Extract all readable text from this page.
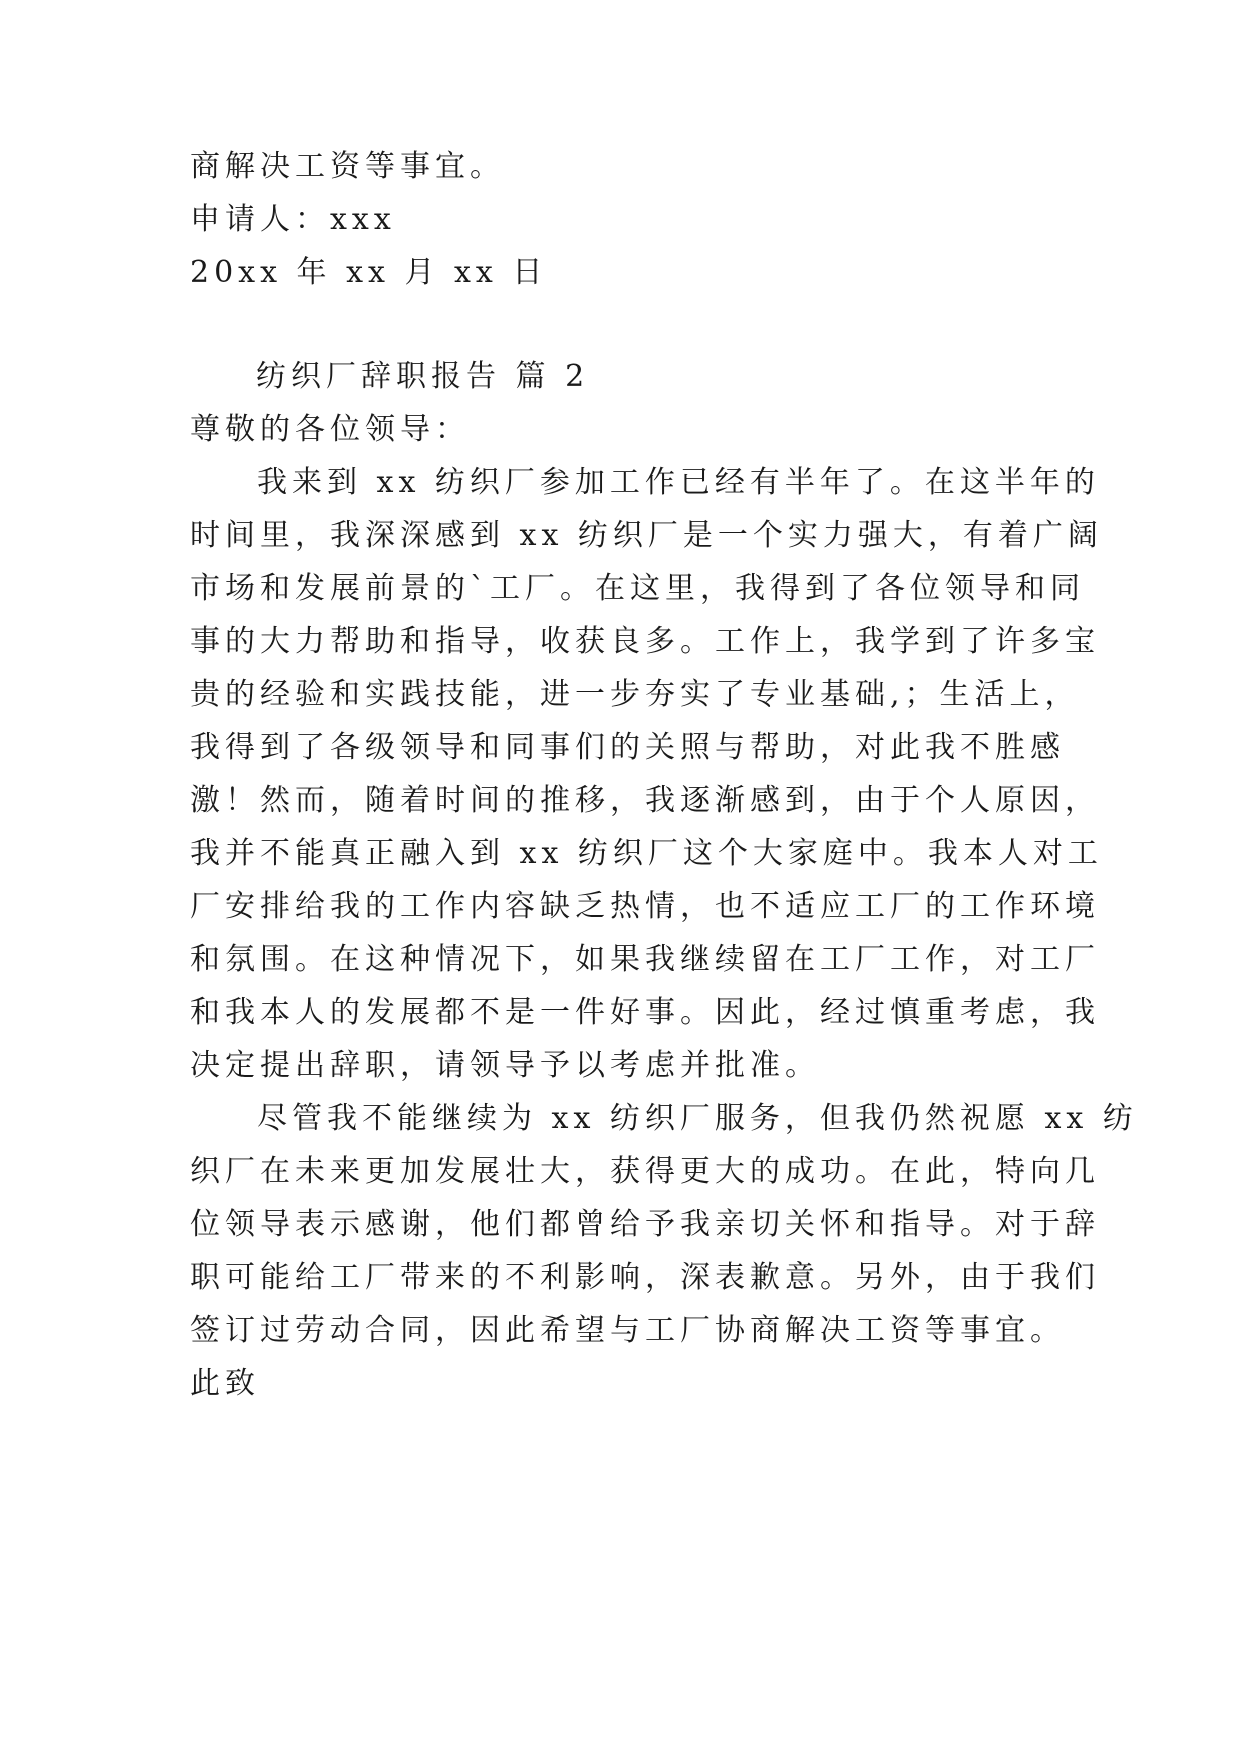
商解决工资等事宜。
申请人：xxx
20xx 年 xx 月 xx 日
纺织厂辞职报告 篇 2
尊敬的各位领导：
我来到 xx 纺织厂参加工作已经有半年了。在这半年的
时间里，我深深感到 xx 纺织厂是一个实力强大，有着广阔
市场和发展前景的`工厂。在这里，我得到了各位领导和同
事的大力帮助和指导，收获良多。工作上，我学到了许多宝
贵的经验和实践技能，进一步夯实了专业基础,；生活上，
我得到了各级领导和同事们的关照与帮助，对此我不胜感
激！然而，随着时间的推移，我逐渐感到，由于个人原因，
我并不能真正融入到 xx 纺织厂这个大家庭中。我本人对工
厂安排给我的工作内容缺乏热情，也不适应工厂的工作环境
和氛围。在这种情况下，如果我继续留在工厂工作，对工厂
和我本人的发展都不是一件好事。因此，经过慎重考虑，我
决定提出辞职，请领导予以考虑并批准。
尽管我不能继续为 xx 纺织厂服务，但我仍然祝愿 xx 纺
织厂在未来更加发展壮大，获得更大的成功。在此，特向几
位领导表示感谢，他们都曾给予我亲切关怀和指导。对于辞
职可能给工厂带来的不利影响，深表歉意。另外，由于我们
签订过劳动合同，因此希望与工厂协商解决工资等事宜。
此致
